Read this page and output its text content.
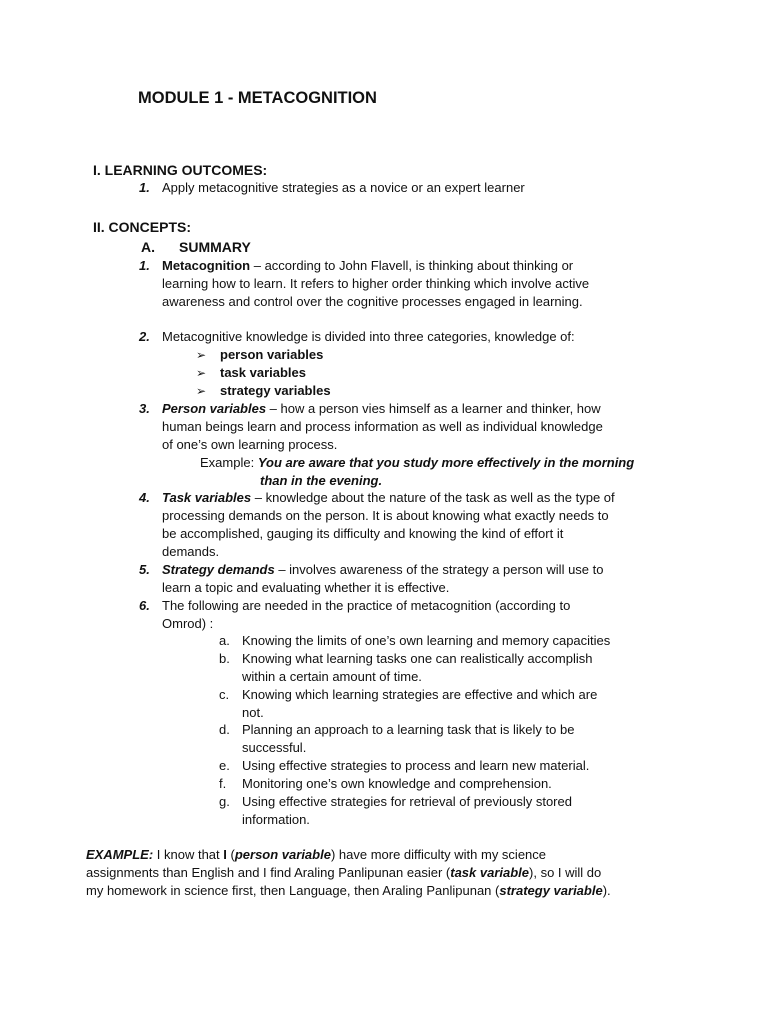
MODULE 1 - METACOGNITION
I. LEARNING OUTCOMES:
1. Apply metacognitive strategies as a novice or an expert learner
II. CONCEPTS:
A. SUMMARY
1. Metacognition – according to John Flavell, is thinking about thinking or
learning how to learn. It refers to higher order thinking which involve active
awareness and control over the cognitive processes engaged in learning.
2. Metacognitive knowledge is divided into three categories, knowledge of:
➢ person variables
➢ task variables
➢ strategy variables
3. Person variables – how a person vies himself as a learner and thinker, how
human beings learn and process information as well as individual knowledge
of one’s own learning process.
Example: You are aware that you study more effectively in the morning
than in the evening.
4. Task variables – knowledge about the nature of the task as well as the type of
processing demands on the person. It is about knowing what exactly needs to
be accomplished, gauging its difficulty and knowing the kind of effort it
demands.
5. Strategy demands – involves awareness of the strategy a person will use to
learn a topic and evaluating whether it is effective.
6. The following are needed in the practice of metacognition (according to
Omrod) :
a. Knowing the limits of one’s own learning and memory capacities
b. Knowing what learning tasks one can realistically accomplish
within a certain amount of time.
c. Knowing which learning strategies are effective and which are
not.
d. Planning an approach to a learning task that is likely to be
successful.
e. Using effective strategies to process and learn new material.
f. Monitoring one’s own knowledge and comprehension.
g. Using effective strategies for retrieval of previously stored
information.
EXAMPLE: I know that I (person variable) have more difficulty with my science
assignments than English and I find Araling Panlipunan easier (task variable), so I will do
my homework in science first, then Language, then Araling Panlipunan (strategy variable).
